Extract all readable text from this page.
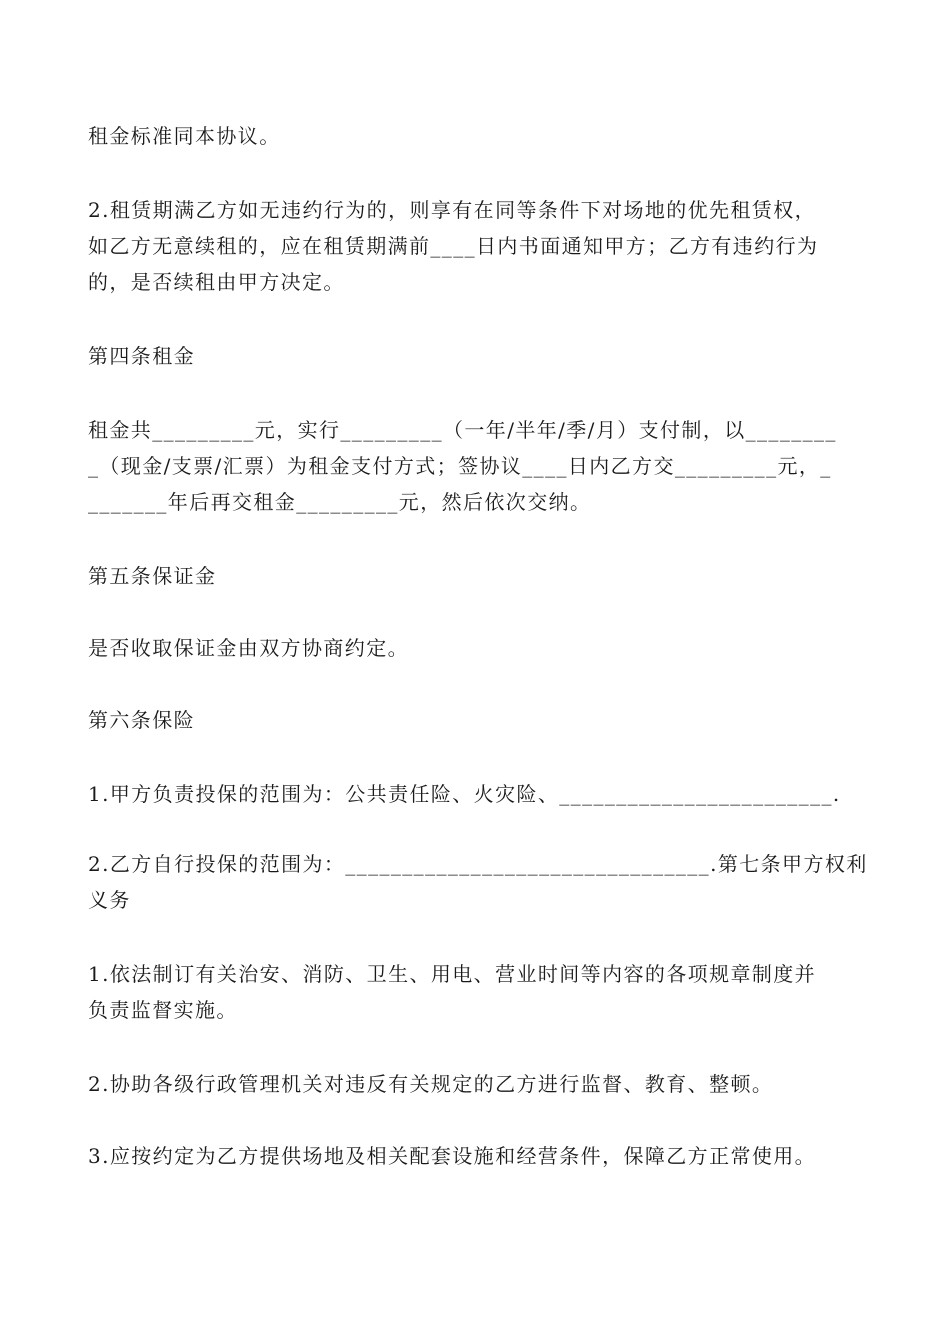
租金标准同本协议。

2.租赁期满乙方如无违约行为的，则享有在同等条件下对场地的优先租赁权，
如乙方无意续租的，应在租赁期满前____日内书面通知甲方；乙方有违约行为
的，是否续租由甲方决定。

第四条租金

租金共_________元，实行_________（一年/半年/季/月）支付制，以________
_（现金/支票/汇票）为租金支付方式；签协议____日内乙方交_________元，_
_______年后再交租金_________元，然后依次交纳。

第五条保证金

是否收取保证金由双方协商约定。

第六条保险

1.甲方负责投保的范围为：公共责任险、火灾险、________________________.

2.乙方自行投保的范围为：________________________________.第七条甲方权利
义务

1.依法制订有关治安、消防、卫生、用电、营业时间等内容的各项规章制度并
负责监督实施。

2.协助各级行政管理机关对违反有关规定的乙方进行监督、教育、整顿。

3.应按约定为乙方提供场地及相关配套设施和经营条件，保障乙方正常使用。
